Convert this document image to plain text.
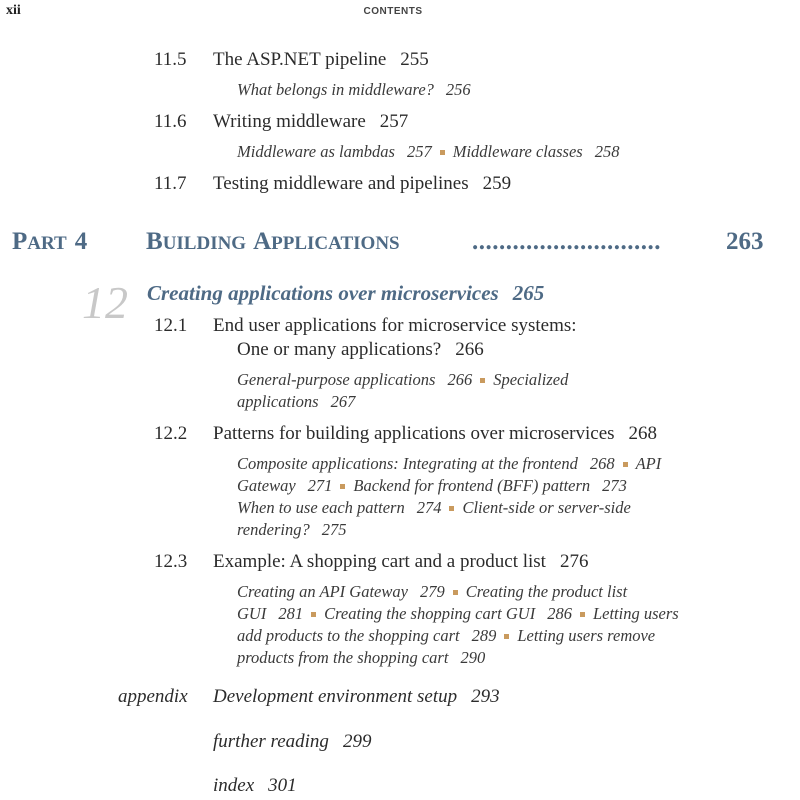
xii	CONTENTS
11.5 The ASP.NET pipeline 255
What belongs in middleware? 256
11.6 Writing middleware 257
Middleware as lambdas 257 Middleware classes 258
11.7 Testing middleware and pipelines 259
PART 4 BUILDING APPLICATIONS	............................	263
12 Creating applications over microservices 265
12.1 End user applications for microservice systems:
One or many applications? 266
General-purpose applications 266 Specialized
applications 267
12.2 Patterns for building applications over microservices 268
Composite applications: Integrating at the frontend 268 API
Gateway 271 Backend for frontend (BFF) pattern 273
When to use each pattern 274 Client-side or server-side
rendering? 275
12.3 Example: A shopping cart and a product list 276
Creating an API Gateway 279 Creating the product list
GUI 281 Creating the shopping cart GUI 286 Letting users
add products to the shopping cart 289 Letting users remove
products from the shopping cart 290
appendix Development environment setup 293
further reading 299
index 301
